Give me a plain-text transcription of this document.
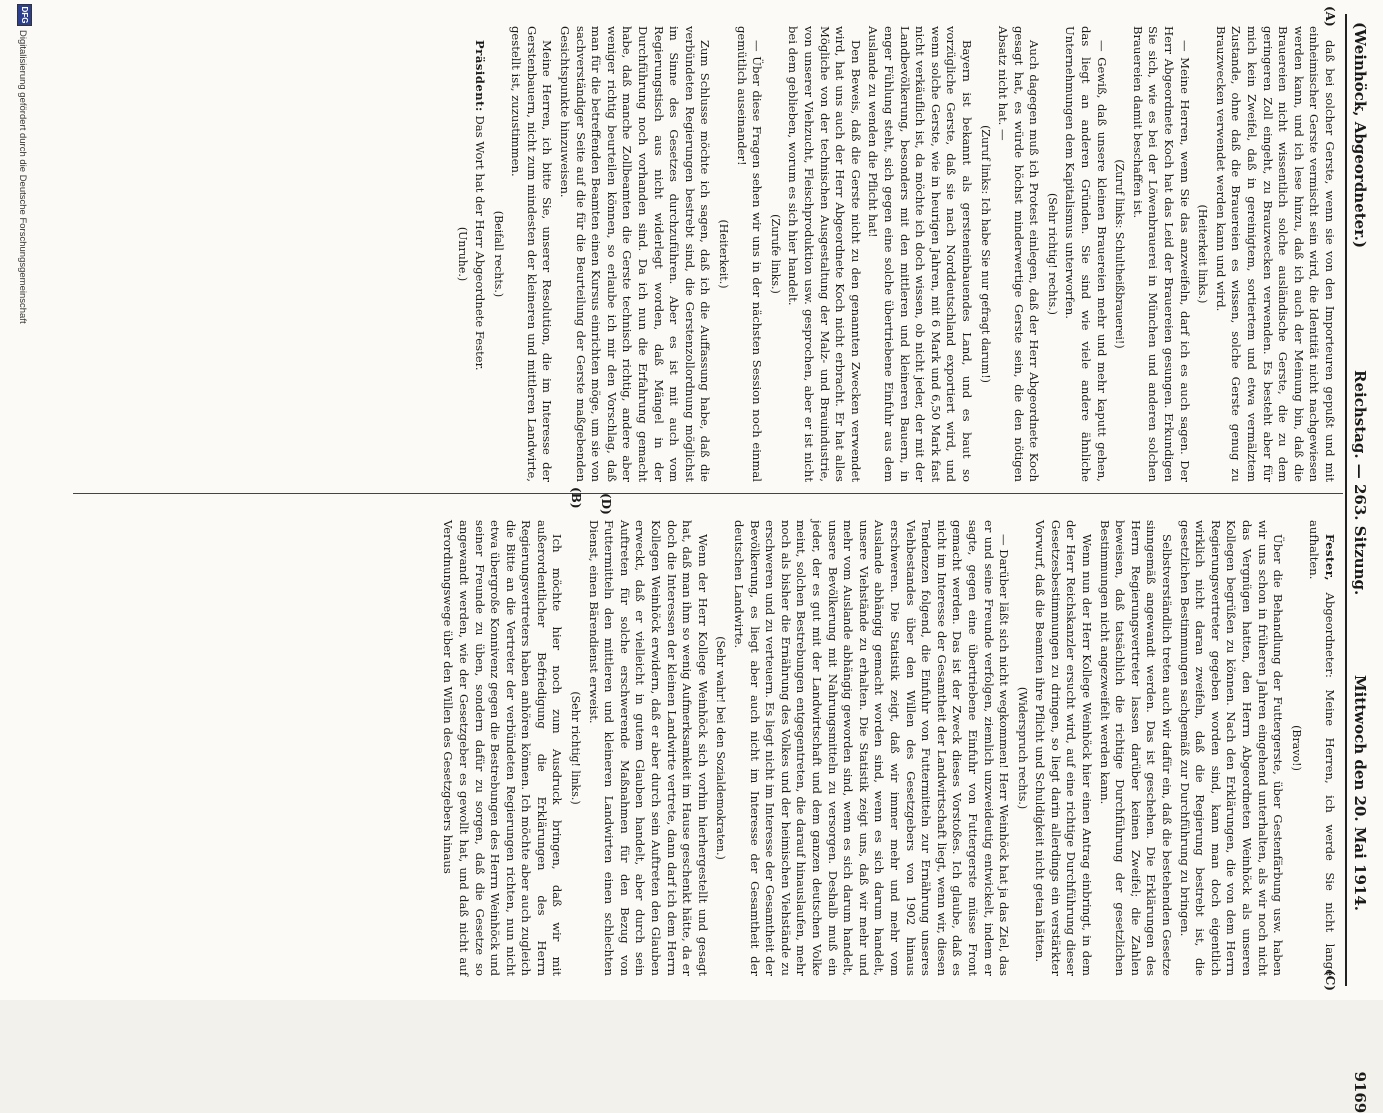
(Weinhöck, Abgeordneter.)
Reichstag. — 263. Sitzung.
Mittwoch den 20. Mai 1914.  9169
(A)
(B)
(C)
(D)

daß bei solcher Gerste, wenn sie von den Importeuren gepußt und mit einheimischer Gerste vermischt sein wird, die Identität nicht nachgewiesen werden kann, und ich lese hinzu, daß ich auch der Meinung bin, daß die Brauereien nicht wissentlich solche ausländische Gerste, die zu dem geringeren Zoll eingeht, zu Brauzwecken verwenden. Es besteht aber für mich kein Zweifel, daß in gereinigtem, sortiertem und etwa vermälztem Zustande, ohne daß die Brauereien es wissen, solche Gerste genug zu Brauzwecken verwendet werden kann und wird.

(Heiterkeit links.)

— Meine Herren, wenn Sie das anzweifeln, darf ich es auch sagen. Der Herr Abgeordnete Koch hat das Leid der Brauereien gesungen. Erkundigen Sie sich, wie es bei der Löwenbrauerei in München und anderen solchen Brauereien damit beschaffen ist.

(Zuruf links: Schultheißbrauerei!)

— Gewiß, daß unsere kleinen Brauereien mehr und mehr kaputt gehen, das liegt an anderen Gründen. Sie sind wie viele andere ähnliche Unternehmungen dem Kapitalismus unterworfen.

(Sehr richtig! rechts.)

Auch dagegen muß ich Protest einlegen, daß der Herr Abgeordnete Koch gesagt hat, es würde höchst minderwertige Gerste sein, die den nötigen Absatz nicht hat. —

(Zuruf links: Ich habe Sie nur gefragt darum!)

Bayern ist bekannt als gersteneinbauendes Land, und es baut so vorzügliche Gerste, daß sie nach Norddeutschland exportiert wird, und wenn solche Gerste, wie in heurigen Jahren, mit 6 Mark und 6,50 Mark fast nicht verkäuflich ist, da möchte ich doch wissen, ob nicht jeder, der mit der Landbevölkerung, besonders mit den mittleren und kleineren Bauern, in enger Fühlung steht, sich gegen eine solche übertriebene Einfuhr aus dem Auslande zu wenden die Pflicht hat!

Den Beweis, daß die Gerste nicht zu den genannten Zwecken verwendet wird, hat uns auch der Herr Abgeordnete Koch nicht erbracht. Er hat alles Mögliche von der technischen Ausgestaltung der Malz- und Brauindustrie, von unserer Viehzucht, Fleischproduktion usw. gesprochen, aber er ist nicht bei dem geblieben, worum es sich hier handelt.

(Zurufe links.)

— Über diese Fragen sehen wir uns in der nächsten Session noch einmal gemütlich auseinander!

(Heiterkeit.)

Zum Schlusse möchte ich sagen, daß ich die Auffassung habe, daß die verbündeten Regierungen bestrebt sind, die Gerstenzollordnung möglichst im Sinne des Gesetzes durchzuführen. Aber es ist mit auch vom Regierungstisch aus nicht widerlegt worden, daß Mängel in der Durchführung noch vorhanden sind. Da ich nun die Erfahrung gemacht habe, daß manche Zollbeamten die Gerste technisch richtig, andere aber weniger richtig beurteilen können, so erlaube ich mir den Vorschlag, daß man für die betreffenden Beamten einen Kursus einrichten möge, um sie von sachverständiger Seite auf die für die Beurteilung der Gerste maßgebenden Gesichtspunkte hinzuweisen.

Meine Herren, ich bitte Sie, unserer Resolution, die im Interesse der Gerstenbauern, nicht zum mindesten der kleineren und mittleren Landwirte, gestellt ist, zuzustimmen.

(Beifall rechts.)

Präsident: Das Wort hat der Herr Abgeordnete Fester.

(Unruhe.)

Fester, Abgeordneter: Meine Herren, ich werde Sie nicht lange aufhalten.

(Bravo!)

Über die Behandlung der Futtergerste, über Gestenfärbung usw. haben wir uns schon in früheren Jahren eingehend unterhalten, als wir noch nicht das Vergnügen hatten, den Herrn Abgeordneten Weinhöck als unseren Kollegen begrüßen zu können. Nach den Erklärungen, die von dem Herrn Regierungsvertreter gegeben worden sind, kann man doch eigentlich wirklich nicht daran zweifeln, daß die Regierung bestrebt ist, die gesetzlichen Bestimmungen sachgemäß zur Durchführung zu bringen.

Selbstverständlich treten auch wir dafür ein, daß die bestehenden Gesetze sinngemäß angewandt werden. Das ist geschehen. Die Erklärungen des Herrn Regierungsvertreter lassen darüber keinen Zweifel; die Zahlen beweisen, daß tatsächlich die richtige Durchführung der gesetzlichen Bestimmungen nicht angezweifelt werden kann.

Wenn nun der Herr Kollege Weinhöck hier einen Antrag einbringt, in dem der Herr Reichskanzler ersucht wird, auf eine richtige Durchführung dieser Gesetzesbestimmungen zu dringen, so liegt darin allerdings ein verstärkter Vorwurf, daß die Beamten ihre Pflicht und Schuldigkeit nicht getan hätten.

(Widerspruch rechts.)

— Darüber läßt sich nicht wegkommen! Herr Weinhöck hat ja das Ziel, das er und seine Freunde verfolgen, ziemlich unzweideutig entwickelt, indem er sagte, gegen eine übertriebene Einfuhr von Futtergerste müsse Front gemacht werden. Das ist der Zweck dieses Vorstoßes. Ich glaube, daß es nicht im Interesse der Gesamtheit der Landwirtschaft liegt, wenn wir, diesen Tendenzen folgend, die Einfuhr von Futtermitteln zur Ernährung unseres Viehbestandes über den Willen des Gesetzgebers von 1902 hinaus erschweren. Die Statistik zeigt, daß wir immer mehr und mehr vom Auslande abhängig gemacht worden sind, wenn es sich darum handelt, unsere Viehstände zu erhalten. Die Statistik zeigt uns, daß wir mehr und mehr vom Auslande abhängig geworden sind, wenn es sich darum handelt, unsere Bevölkerung mit Nahrungsmitteln zu versorgen. Deshalb muß ein jeder, der es gut mit der Landwirtschaft und dem ganzen deutschen Volke meint, solchen Bestrebungen entgegentreten, die darauf hinauslaufen, mehr noch als bisher die Ernährung des Volkes und der heimischen Viehstände zu erschweren und zu verteuern. Es liegt nicht im Interesse der Gesamtheit der Bevölkerung, es liegt aber auch nicht im Interesse der Gesamtheit der deutschen Landwirte.

(Sehr wahr! bei den Sozialdemokraten.)

Wenn der Herr Kollege Weinhöck sich vorhin hierhergestellt und gesagt hat, daß man ihm so wenig Aufmerksamkeit im Hause geschenkt hätte, da er doch die Interessen der kleinen Landwirte vertrete, dann darf ich dem Herrn Kollegen Weinhöck erwidern, daß er aber durch sein Auftreten den Glauben erweckt, daß er vielleicht in gutem Glauben handelt, aber durch sein Auftreten für solche erschwerende Maßnahmen für den Bezug von Futtermitteln den mittleren und kleineren Landwirten einen schlechten Dienst, einen Bärendienst erweist.

(Sehr richtig! links.)

Ich möchte hier noch zum Ausdruck bringen, daß wir mit außerordentlicher Befriedigung die Erklärungen des Herrn Regierungsvertreters haben anhören können. Ich möchte aber auch zugleich die Bitte an die Vertreter der verbündeten Regierungen richten, nun nicht etwa übergroße Konnivenz gegen die Bestrebungen des Herrn Weinhöck und seiner Freunde zu üben, sondern dafür zu sorgen, daß die Gesetze so angewandt werden, wie der Gesetzgeber es gewollt hat, und daß nicht auf Verordnungswege über den Willen des Gesetzgebers hinaus

DFG
Digitalisierung gefördert durch die Deutsche Forschungsgemeinschaft
